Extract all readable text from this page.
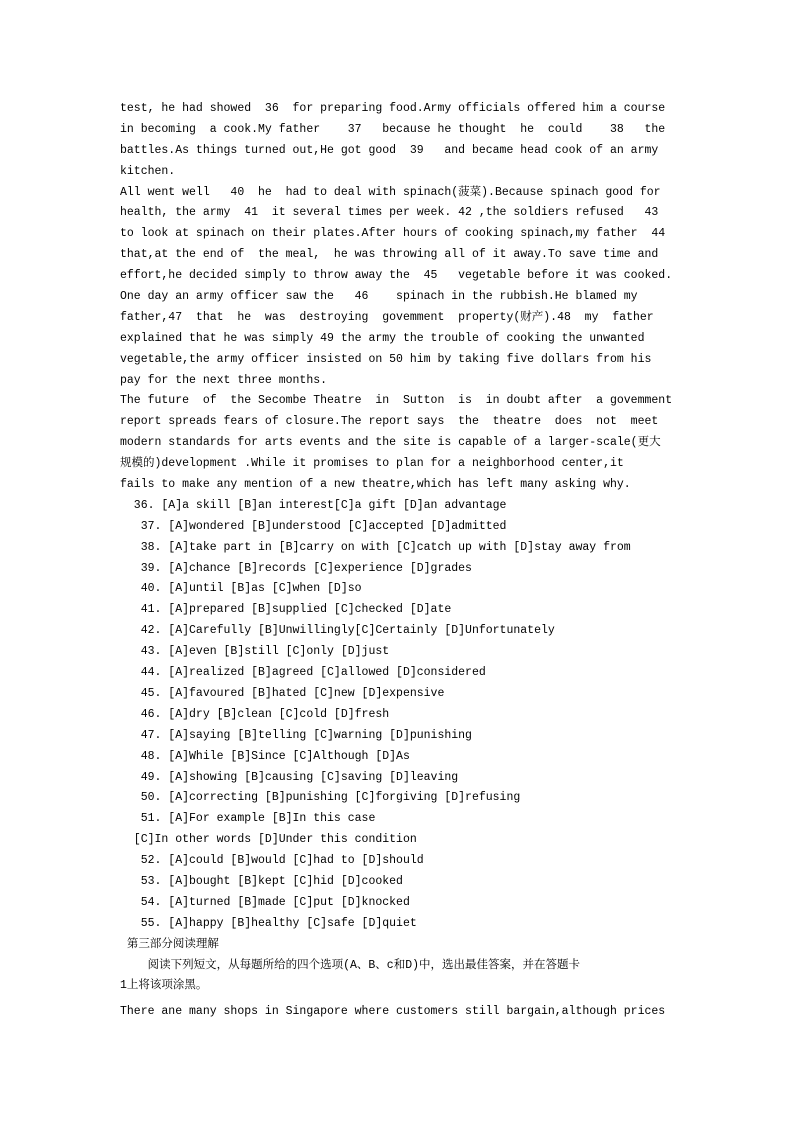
test, he had showed  36  for preparing food.Army officials offered him a course
in becoming  a cook.My father    37   because he thought  he  could    38   the
battles.As things turned out,He got good  39   and became head cook of an army
kitchen.
All went well   40  he  had to deal with spinach(菠菜).Because spinach good for
health, the army  41  it several times per week. 42 ,the soldiers refused   43
to look at spinach on their plates.After hours of cooking spinach,my father  44
that,at the end of  the meal,  he was throwing all of it away.To save time and
effort,he decided simply to throw away the  45   vegetable before it was cooked.
One day an army officer saw the   46    spinach in the rubbish.He blamed my
father,47  that  he  was  destroying  govemment  property(财产).48  my  father
explained that he was simply 49 the army the trouble of cooking the unwanted
vegetable,the army officer insisted on 50 him by taking five dollars from his
pay for the next three months.
The future  of  the Secombe Theatre  in  Sutton  is  in doubt after  a govemment
report spreads fears of closure.The report says  the  theatre  does  not  meet
modern standards for arts events and the site is capable of a larger-scale(更大
规模的)development .While it promises to plan for a neighborhood center,it
fails to make any mention of a new theatre,which has left many asking why.
36. [A]a skill [B]an interest[C]a gift [D]an advantage
37. [A]wondered [B]understood [C]accepted [D]admitted
38. [A]take part in [B]carry on with [C]catch up with [D]stay away from
39. [A]chance [B]records [C]experience [D]grades
40. [A]until [B]as [C]when [D]so
41. [A]prepared [B]supplied [C]checked [D]ate
42. [A]Carefully [B]Unwillingly[C]Certainly [D]Unfortunately
43. [A]even [B]still [C]only [D]just
44. [A]realized [B]agreed [C]allowed [D]considered
45. [A]favoured [B]hated [C]new [D]expensive
46. [A]dry [B]clean [C]cold [D]fresh
47. [A]saying [B]telling [C]warning [D]punishing
48. [A]While [B]Since [C]Although [D]As
49. [A]showing [B]causing [C]saving [D]leaving
50. [A]correcting [B]punishing [C]forgiving [D]refusing
51. [A]For example [B]In this case
[C]In other words [D]Under this condition
52. [A]could [B]would [C]had to [D]should
53. [A]bought [B]kept [C]hid [D]cooked
54. [A]turned [B]made [C]put [D]knocked
55. [A]happy [B]healthy [C]safe [D]quiet
第三部分阅读理解
阅读下列短文，从每题所给的四个选项(A、B、c和D)中，选出最佳答案，并在答题卡
1上将该项涂黑。
There ane many shops in Singapore where customers still bargain,although prices
